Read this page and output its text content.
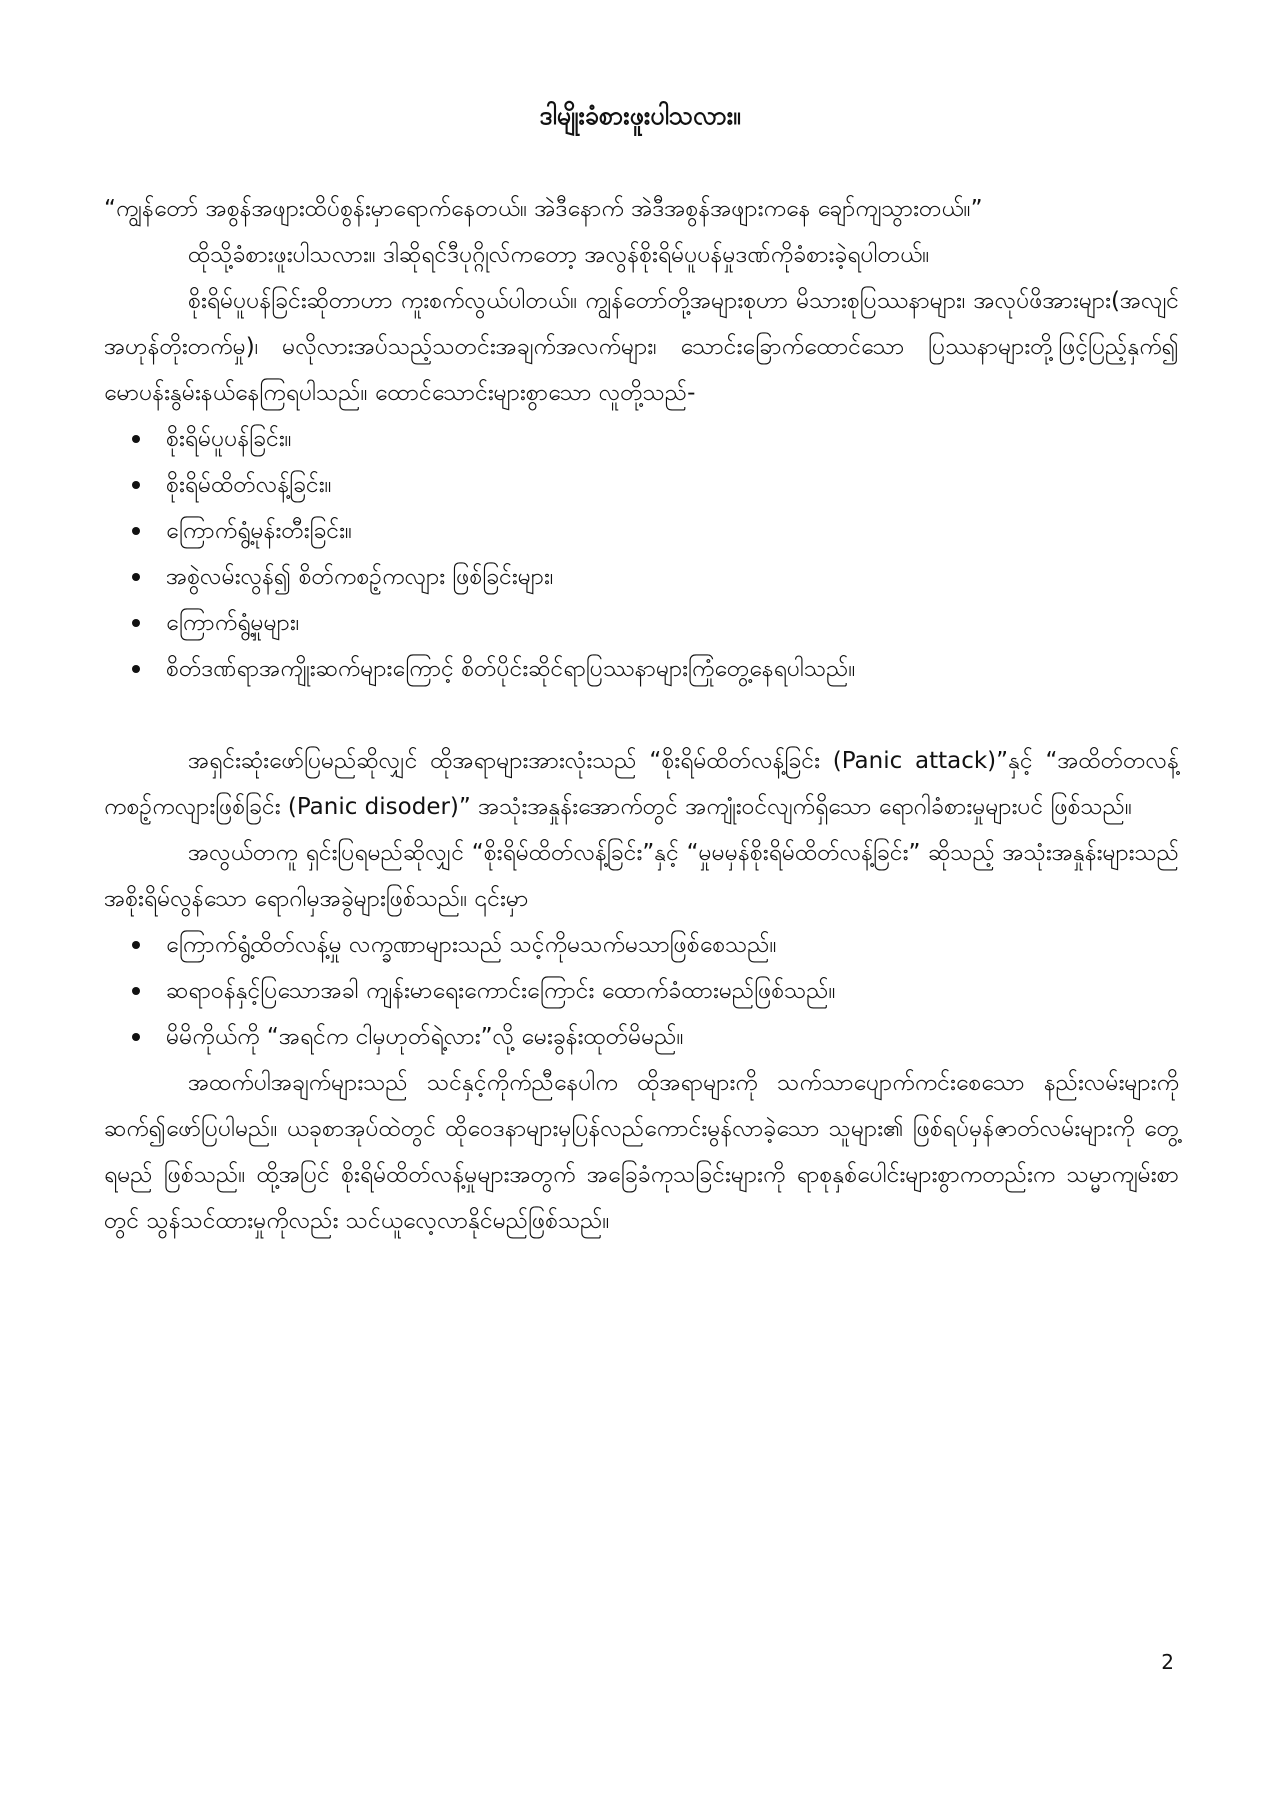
ဒါမျိုးခံစားဖူးပါသလား။

“ကျွန်တော် အစွန်အဖျားထိပ်စွန်းမှာရောက်နေတယ်။ အဲဒီနောက် အဲဒီအစွန်အဖျားကနေ ချော်ကျသွားတယ်။”

ထိုသို့ခံစားဖူးပါသလား။ ဒါဆိုရင်ဒီပုဂ္ဂိုလ်ကတော့ အလွန်စိုးရိမ်ပူပန်မှုဒဏ်ကိုခံစားခဲ့ရပါတယ်။

စိုးရိမ်ပူပန်ခြင်းဆိုတာဟာ ကူးစက်လွယ်ပါတယ်။ ကျွန်တော်တို့အများစုဟာ မိသားစုပြဿနာများ၊ အလုပ်ဖိအားများ(အလျင်အဟုန်တိုးတက်မှု)၊ မလိုလားအပ်သည့်သတင်းအချက်အလက်များ၊ သောင်းခြောက်ထောင်သော ပြဿနာများတို့ဖြင့်ပြည့်နှက်၍ မောပန်းနွမ်းနယ်နေကြရပါသည်။ ထောင်သောင်းများစွာသော လူတို့သည်-

စိုးရိမ်ပူပန်ခြင်း။
စိုးရိမ်ထိတ်လန့်ခြင်း။
ကြောက်ရွံ့မုန်းတီးခြင်း။
အစွဲလမ်းလွန်၍ စိတ်ကစဉ့်ကလျား ဖြစ်ခြင်းများ၊
ကြောက်ရွံ့မှုများ၊
စိတ်ဒဏ်ရာအကျိုးဆက်များကြောင့် စိတ်ပိုင်းဆိုင်ရာပြဿနာများကြုံတွေ့နေရပါသည်။

အရှင်းဆုံးဖော်ပြမည်ဆိုလျှင် ထိုအရာများအားလုံးသည် “စိုးရိမ်ထိတ်လန့်ခြင်း (Panic attack)”နှင့် “အထိတ်တလန့် ကစဉ့်ကလျားဖြစ်ခြင်း (Panic disoder)” အသုံးအနှုန်းအောက်တွင် အကျုံးဝင်လျက်ရှိသော ရောဂါခံစားမှုများပင် ဖြစ်သည်။

အလွယ်တကူ ရှင်းပြရမည်ဆိုလျှင် “စိုးရိမ်ထိတ်လန့်ခြင်း”နှင့် “မှုမမှန်စိုးရိမ်ထိတ်လန့်ခြင်း” ဆိုသည့် အသုံးအနှုန်းများသည် အစိုးရိမ်လွန်သော ရောဂါမှအခွဲများဖြစ်သည်။ ၎င်းမှာ

ကြောက်ရွံ့ထိတ်လန့်မှု လက္ခဏာများသည် သင့်ကိုမသက်မသာဖြစ်စေသည်။
ဆရာဝန်နှင့်ပြသောအခါ ကျန်းမာရေးကောင်းကြောင်း ထောက်ခံထားမည်ဖြစ်သည်။
မိမိကိုယ်ကို “အရင်က ငါမှဟုတ်ရဲ့လား”လို့ မေးခွန်းထုတ်မိမည်။

အထက်ပါအချက်များသည် သင်နှင့်ကိုက်ညီနေပါက ထိုအရာများကို သက်သာပျောက်ကင်းစေသော နည်းလမ်းများကို ဆက်၍ဖော်ပြပါမည်။ ယခုစာအုပ်ထဲတွင် ထိုဝေဒနာများမှပြန်လည်ကောင်းမွန်လာခဲ့သော သူများ၏ ဖြစ်ရပ်မှန်ဇာတ်လမ်းများကို တွေ့ရမည် ဖြစ်သည်။ ထို့အပြင် စိုးရိမ်ထိတ်လန့်မှုများအတွက် အခြေခံကုသခြင်းများကို ရာစုနှစ်ပေါင်းများစွာကတည်းက သမ္မာကျမ်းစာတွင် သွန်သင်ထားမှုကိုလည်း သင်ယူလေ့လာနိုင်မည်ဖြစ်သည်။

2
